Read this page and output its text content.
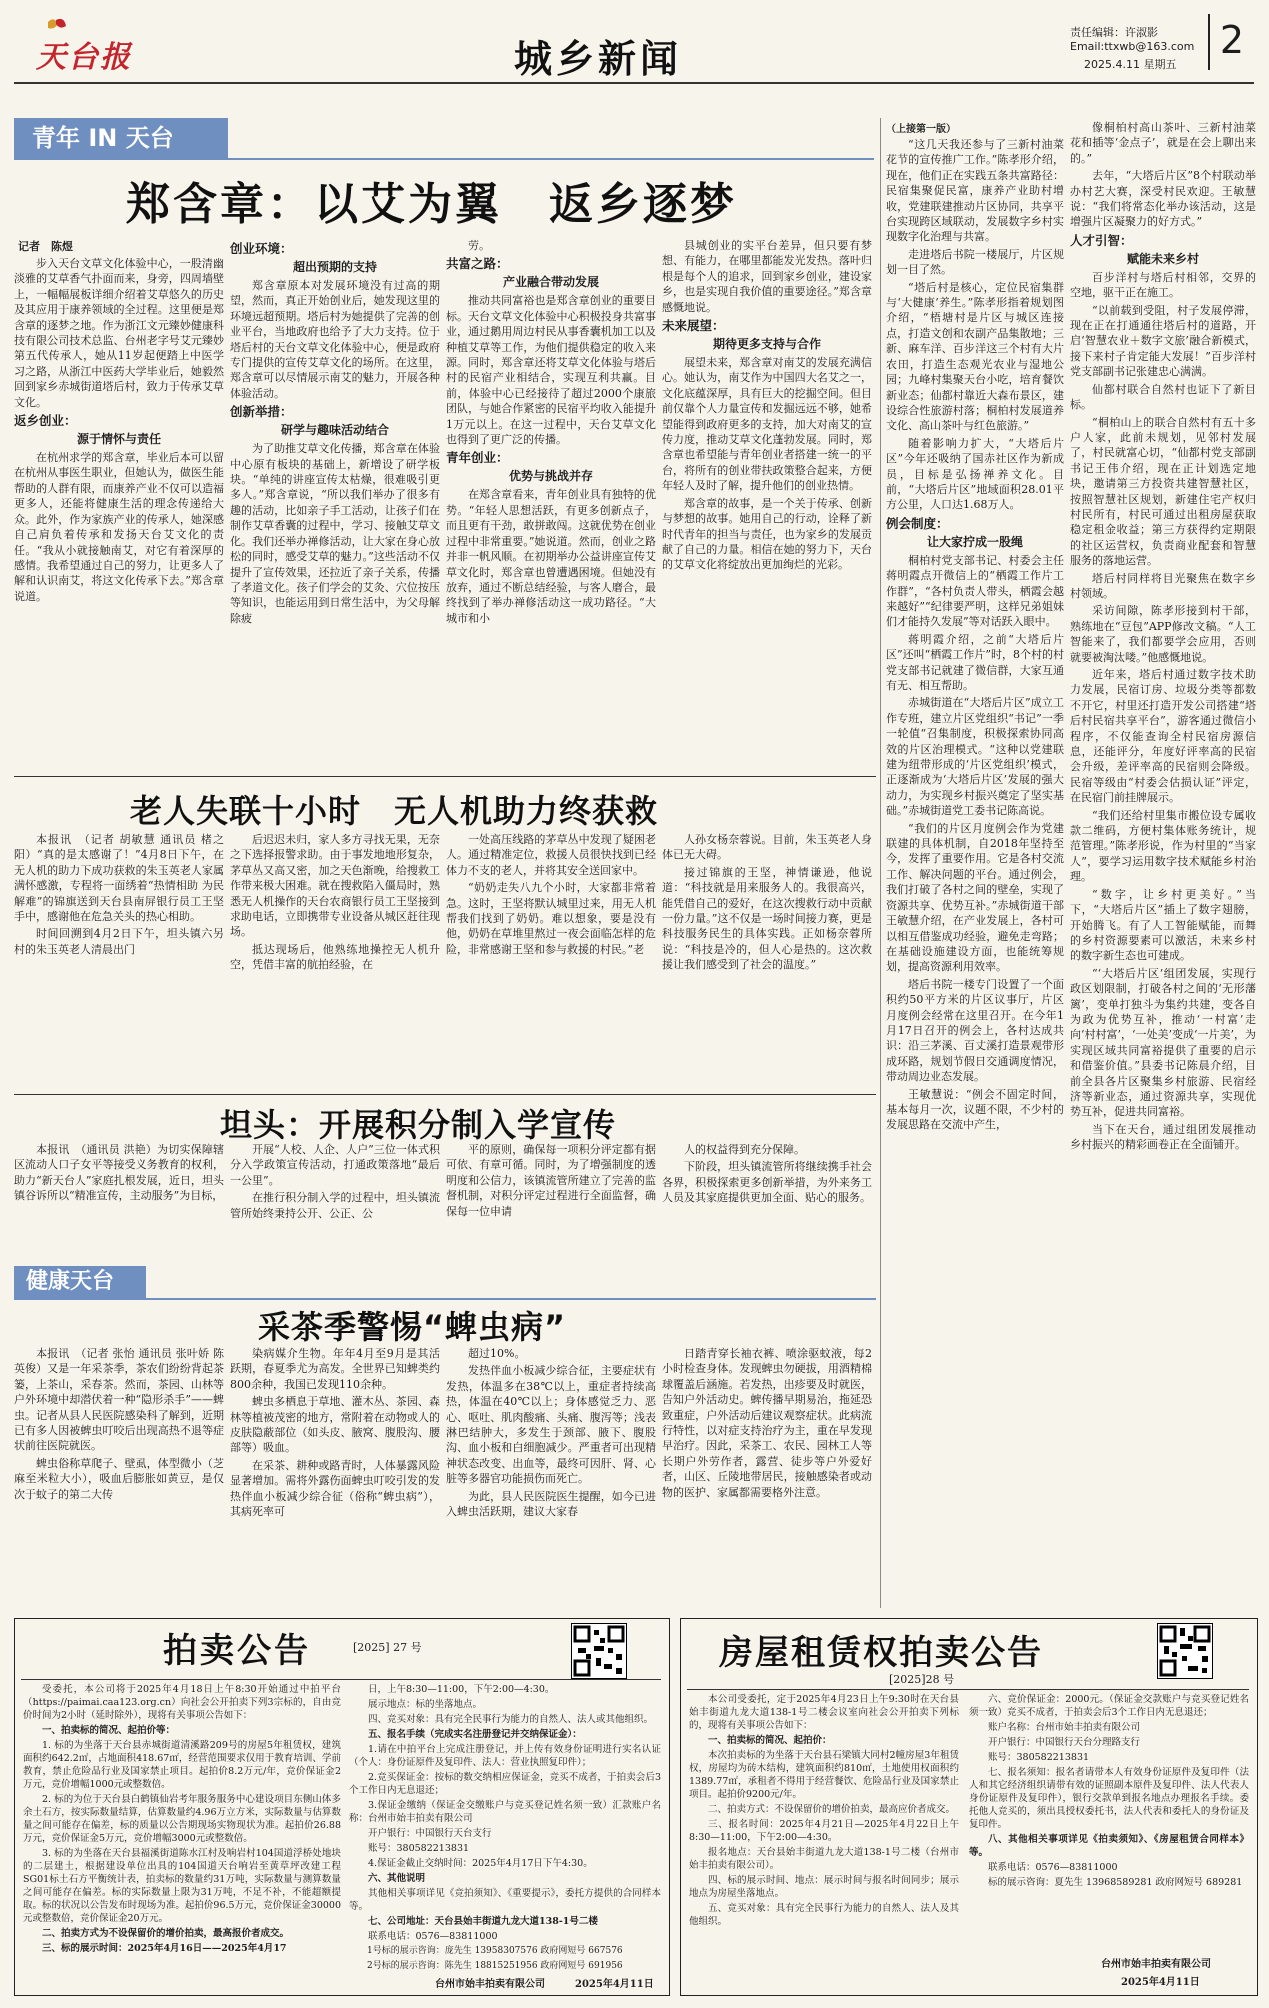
天台报	城乡新闻
责任编辑：许淑影
Email:ttxwb@163.com
2025.4.11 星期五
2
青年 IN 天台
郑含章：以艾为翼　返乡逐梦
记者　陈煜

步入天台文草文化体验中心，一股清幽淡雅的艾草香气扑面而来，身旁，四周墙壁上，一幅幅展板详细介绍着艾草悠久的历史及其应用于康养领域的全过程。这里便是郑含章的逐梦之地。作为浙江文元臻妙健康科技有限公司技术总监、台州老字号艾元臻妙第五代传承人，她从11岁起便踏上中医学习之路，从浙江中医药大学毕业后，她毅然回到家乡赤城街道塔后村，致力于传承艾草文化。

返乡创业：
源于情怀与责任

在杭州求学的郑含章，毕业后本可以留在杭州从事医生职业，但她认为，做医生能帮助的人群有限，而康养产业不仅可以造福更多人，还能将健康生活的理念传递给大众。此外，作为家族产业的传承人，她深感自己肩负着传承和发扬天台艾文化的责任。“我从小就接触南艾，对它有着深厚的感情。我希望通过自己的努力，让更多人了解和认识南艾，将这文化传承下去。”郑含章说道。

创业环境：
超出预期的支持

郑含章原本对发展环境没有过高的期望，然而，真正开始创业后，她发现这里的环境远超预期。塔后村为她提供了完善的创业平台，当地政府也给予了大力支持。位于塔后村的天台文草文化体验中心，便是政府专门提供的宣传艾草文化的场所。在这里，郑含章可以尽情展示南艾的魅力，开展各种体验活动。

创新举措：
研学与趣味活动结合

为了助推艾草文化传播，郑含章在体验中心原有板块的基础上，新增设了研学板块。“单纯的讲座宣传太枯燥，很难吸引更多人。”郑含章说，“所以我们举办了很多有趣的活动，比如亲子手工活动，让孩子们在制作艾草香囊的过程中，学习、接触艾草文化。我们还举办禅修活动，让大家在身心放松的同时，感受艾草的魅力。”这些活动不仅提升了宣传效果，还拉近了亲子关系，传播了孝道文化。孩子们学会的艾灸、穴位按压等知识，也能运用到日常生活中，为父母解除疲

劳。

共富之路：
产业融合带动发展

推动共同富裕也是郑含章创业的重要目标。天台文草文化体验中心积极投身共富事业，通过鹅用周边村民从事香囊机加工以及种植艾草等工作，为他们提供稳定的收入来源。同时，郑含章还将艾草文化体验与塔后村的民宿产业相结合，实现互利共赢。目前，体验中心已经接待了超过2000个康旅团队，与她合作紧密的民宿平均收入能提升1万元以上。在这一过程中，天台艾草文化也得到了更广泛的传播。

青年创业：
优势与挑战并存

在郑含章看来，青年创业具有独特的优势。“年轻人思想活跃，有更多创新点子，而且更有干劲，敢拼敢闯。这就优势在创业过程中非常重要。”她说道。然而，创业之路并非一帆风顺。在初期举办公益讲座宣传艾草文化时，郑含章也曾遭遇困境。但她没有放弃，通过不断总结经验，与客人磨合，最终找到了举办禅修活动这一成功路径。“大城市和小

县城创业的实平台差异，但只要有梦想、有能力，在哪里都能发光发热。落叶归根是每个人的追求，回到家乡创业，建设家乡，也是实现自我价值的重要途径。”郑含章感慨地说。

未来展望：
期待更多支持与合作

展望未来，郑含章对南艾的发展充满信心。她认为，南艾作为中国四大名艾之一，文化底蕴深厚，具有巨大的挖掘空间。但目前仅靠个人力量宣传和发掘远远不够，她希望能得到政府更多的支持，加大对南艾的宣传力度，推动艾草文化蓬勃发展。同时，郑含章也希望能与青年创业者搭建一统一的平台，将所有的创业带扶政策整合起来，方便年轻人及时了解，提升他们的创业热情。

郑含章的故事，是一个关于传承、创新与梦想的故事。她用自己的行动，诠释了新时代青年的担当与责任，也为家乡的发展贡献了自己的力量。相信在她的努力下，天台的艾草文化将绽放出更加绚烂的光彩。

老人失联十小时　无人机助力终获救

本报讯　（记者 胡敏慧 通讯员 楮之阳）“真的是太感谢了！”4月8日下午，在无人机的助力下成功获救的朱玉英老人家属满怀感激，专程将一面绣着“热情相助 为民解难”的锦旗送到天台县南屏银行员工王坚手中，感谢他在危急关头的热心相助。

时间回溯到4月2日下午，坦头镇六另村的朱玉英老人清晨出门

后迟迟未归，家人多方寻找无果，无奈之下选择报警求助。由于事发地地形复杂，茅草丛又高又密，加之天色渐晚，给搜救工作带来极大困难。就在搜救陷入僵局时，熟悉无人机操作的天台农商银行员工王坚接到求助电话，立即携带专业设备从城区赶往现场。

抵达现场后，他熟练地操控无人机升空，凭借丰富的航拍经验，在

一处高压线路的茅草丛中发现了疑困老人。通过精准定位，救援人员很快找到已经体力不支的老人，并将其安全送回家中。

“奶奶走失八九个小时，大家都非常着急。这时，王坚将默认城里过来，用无人机帮我们找到了奶奶。难以想象，要是没有他，奶奶在草堆里熬过一夜会面临怎样的危险，非常感谢王坚和参与救援的村民。”老

人孙女杨奈蓉说。目前，朱玉英老人身体已无大碍。

接过锦旗的王坚，神情谦逊，他说道：“科技就是用来服务人的。我很高兴，能凭借自己的爱好，在这次搜救行动中贡献一份力量。”这不仅是一场时间接力赛，更是科技服务民生的具体实践。正如杨奈蓉所说：“科技是冷的，但人心是热的。这次救援让我们感受到了社会的温度。”

坦头：开展积分制入学宣传

本报讯　（通讯员 洪艳）为切实保障辖区流动人口子女平等接受义务教育的权利，助力“新天台人”家庭扎根发展，近日，坦头镇谷诉所以“精准宣传，主动服务”为目标，

开展“人校、人企、人户”三位一体式积分入学政策宣传活动，打通政策落地“最后一公里”。

在推行积分制入学的过程中，坦头镇流管所始终秉持公开、公正、公

平的原则，确保每一项积分评定都有据可依、有章可循。同时，为了增强制度的透明度和公信力，该镇流管所建立了完善的监督机制，对积分评定过程进行全面监督，确保每一位申请

人的权益得到充分保障。

下阶段，坦头镇流管所将继续携手社会各界，积极探索更多创新举措，为外来务工人员及其家庭提供更加全面、贴心的服务。

健康天台
采茶季警惕“蜱虫病”

本报讯　（记者 张怡 通讯员 张叶娇 陈英俊）又是一年采茶季，茶农们纷纷背起茶篓，上茶山，采春茶。然而，茶园、山林等户外环境中却潜伏着一种“隐形杀手”——蜱虫。记者从县人民医院感染科了解到，近期已有多人因被蜱虫叮咬后出现高热不退等症状前往医院就医。

蜱虫俗称草爬子、壁虱，体型微小（芝麻至米粒大小），吸血后膨胀如黄豆，是仅次于蚊子的第二大传

染病媒介生物。年年4月至9月是其活跃期，春夏季尤为高发。全世界已知蜱类约800余种，我国已发现110余种。

蜱虫多栖息于草地、灌木丛、茶园、森林等植被茂密的地方，常附着在动物或人的皮肤隐蔽部位（如头皮、腋窝、腹股沟、腰部等）吸血。

在采茶、耕种或路青时，人体暴露风险显著增加。需将外露伤面蜱虫叮咬引发的发热伴血小板减少综合征（俗称“蜱虫病”），其病死率可

超过10%。

发热伴血小板减少综合征，主要症状有发热，体温多在38℃以上，重症者持续高热，体温在40℃以上；身体感觉乏力、恶心、呕吐、肌肉酸痛、头痛、腹泻等；浅表淋巴结肿大，多发生于颈部、腋下、腹股沟、血小板和白细胞减少。严重者可出现精神状态改变、出血等，最终可因肝、肾、心脏等多器官功能损伤而死亡。

为此，县人民医院医生提醒，如今已进入蜱虫活跃期，建议大家春

日踏青穿长袖衣裤、喷涂驱蚊液，每2小时检查身体。发现蜱虫勿硬拔，用酒精棉球覆盖后涵施。若发热，出疹要及时就医，告知户外活动史。蜱传播早期易治，拖延恐致重症，户外活动后建议观察症状。此病流行特性，以对症支持治疗为主，重在早发现早治疗。因此，采茶工、农民、园林工人等长期户外劳作者，露营、徒步等户外爱好者，山区、丘陵地带居民，接触感染者或动物的医护、家属都需要格外注意。

（上接第一版）

“这几天我还参与了三新村油菜花节的宣传推广工作。”陈孝形介绍，现在，他们正在实践五条共富路径：民宿集聚促民富，康养产业助村增收，党建联建推动片区协同，共享平台实现跨区域联动，发展数字乡村实现数字化治理与共富。

走进塔后书院一楼展厅，片区规划一目了然。

“塔后村是核心，定位民宿集群与‘大健康’养生。”陈孝形指着规划图介绍，“梧塘村是片区与城区连接点，打造文创和农副产品集散地；三新、麻车洋、百步洋这三个村有大片农田，打造生态观光农业与湿地公园；九峰村集聚天台小吃，培育餐饮新业态；仙都村靠近大森布景区，建设综合性旅游村落；桐柏村发展道养文化、高山茶叶与红色旅游。”

随着影响力扩大，“大塔后片区”今年还吸纳了国赤社区作为新成员，目标是弘扬禅养文化。目前，“大塔后片区”地域面积28.01平方公里，人口达1.68万人。

例会制度：
让大家拧成一股绳

桐柏村党支部书记、村委会主任蒋明霞点开微信上的“栖霞工作片工作群”，“各村负责人带头，栖霞会越来越好”“纪律要严明，这样兄弟姐妹们才能持久发展”等对话跃入眼中。

蒋明霞介绍，之前“大塔后片区”还叫“栖霞工作片”时，8个村的村党支部书记就建了微信群，大家互通有无、相互帮助。

赤城街道在“大塔后片区”成立工作专班，建立片区党组织“书记”一季一轮值“召集制度，积极探索协同高效的片区治理模式。“这种以党建联建为纽带形成的‘片区党组织’模式，正逐渐成为‘大塔后片区’发展的强大动力，为实现乡村振兴奠定了坚实基础。”赤城街道党工委书记陈高说。

“我们的片区月度例会作为党建联建的具体机制，自2018年坚持至今，发挥了重要作用。它是各村交流工作、解决问题的平台。通过例会，我们打破了各村之间的壁垒，实现了资源共享、优势互补。”赤城街道干部王敏慧介绍，在产业发展上，各村可以相互借鉴成功经验，避免走弯路；在基础设施建设方面，也能统筹规划，提高资源利用效率。

塔后书院一楼专门设置了一个面积约50平方米的片区议事厅，片区月度例会经常在这里召开。在今年1月17日召开的例会上，各村达成共识：沿三茅溪、百丈溪打造景观带形成环路，规划节假日交通调度情况，带动周边业态发展。

王敏慧说：“例会不固定时间，基本每月一次，议题不限，不少村的发展思路在交流中产生，

像桐柏村高山茶叶、三新村油菜花和插等‘金点子’，就是在会上聊出来的。”

去年，“大塔后片区”8个村联动举办村艺大赛，深受村民欢迎。王敏慧说：“我们将常态化举办该活动，这是增强片区凝聚力的好方式。”

人才引智：
赋能未来乡村

百步洋村与塔后村相邻，交界的空地，驱干正在施工。

“以前载到受阻，村子发展停滞，现在正在打通通往塔后村的道路，开启‘智慧农业＋数字文旅’融合新模式，接下来村子肯定能大发展！”百步洋村党支部副书记张建忠心满满。

仙都村联合自然村也证下了新目标。

“桐柏山上的联合自然村有五十多户人家，此前未规划，见邻村发展了，村民就富心切，“仙都村党支部副书记王伟介绍，现在正计划选定地块，邀请第三方投资共建智慧社区，按照智慧社区规划，新建住宅产权归村民所有，村民可通过出租房屋获取稳定租金收益；第三方获得约定期限的社区运营权，负责商业配套和智慧服务的落地运营。

塔后村同样将目光聚焦在数字乡村领域。

采访间隙，陈孝形接到村干部，熟练地在“豆包”APP修改文稿。“人工智能来了，我们都要学会应用，否则就要被淘汰喽。”他感慨地说。

近年来，塔后村通过数字技术助力发展，民宿订房、垃圾分类等都数不开它，村里还打造开发公司搭建“塔后村民宿共享平台”，游客通过微信小程序，不仅能查询全村民宿房源信息，还能评分，年度好评率高的民宿会升级，差评率高的民宿则会降级。民宿等级由“村委会估损认证”评定，在民宿门前挂牌展示。

“我们还给村里集市搬位设专属收款二维码，方便村集体账务统计，规范管理。”陈孝形说，作为村里的“当家人”，要学习运用数字技术赋能乡村治理。

“数字，让乡村更美好。”当下，“大塔后片区”插上了数字翅膀，开始腾飞。有了人工智能赋能，而舞的乡村资源要素可以激活，未来乡村的数字新生态也可建成。

“‘大塔后片区’组团发展，实现行政区划限制，打破各村之间的‘无形藩篱’，变单打独斗为集约共建，变各自为政为优势互补，推动‘一村富’走向‘村村富’，‘一处美’变成‘一片美’，为实现区域共同富裕提供了重要的启示和借鉴价值。”县委书记陈晨介绍，目前全县各片区聚集乡村旅游、民宿经济等新业态，通过资源共享，实现优势互补，促进共同富裕。

当下在天台，通过组团发展推动乡村振兴的精彩画卷正在全面铺开。

拍卖公告	[2025] 27 号

受委托，本公司将于2025年4月18日上午8:30开始通过中拍平台（https://paimai.caa123.org.cn）向社会公开拍卖下列3宗标的，自由竞价时间为2小时（延时除外），现将有关事项公告如下：

一、拍卖标的简况、起拍价等：

1. 标的为坐落于天台县赤城街道清溪路209号的房屋5年租赁权，建筑面积约642.2㎡，占地面积418.67㎡，经营范围要求仅用于教育培训、学前教育，禁止危险品行业及国家禁止项目。起拍价8.2万元/年，竞价保证金2万元，竞价增幅1000元或整数倍。

2. 标的为位于天台县白鹤镇仙岩考年服务服务中心建设项目东侧山体多余土石方，按实际数量结算，估算数量约4.96万立方米，实际数量与估算数量之间可能存在偏差，标的质量以公告期现场实物现状为准。起拍价26.88万元，竞价保证金5万元，竞价增幅3000元或整数倍。

3. 标的为坐落在天台县福溪街道陈水江村及响岩村104国道浮桥处地块的二层建土，根据建设单位出具的104国道天台响岩至黄草坪改建工程SG01标土石方平衡统计表，拍卖标的数量约31万吨，实际数量与测算数量之间可能存在偏差。标的实际数量上限为31万吨，不足不补，不能超额提取。标的状况以公告发布时现场为准。起拍价96.5万元，竞价保证金30000元或整数倍，竞价保证金20万元。

二、拍卖方式为不设保留价的增价拍卖，最高报价者成交。

三、标的展示时间：2025年4月16日——2025年4月17

日，上午8:30—11:00，下午2:00—4:30。

展示地点：标的坐落地点。

四、竞买对象：具有完全民事行为能力的自然人、法人或其他组织。

五、报名手续（完成实名注册登记并交纳保证金）：

1.请在中拍平台上完成注册登记，并上传有效身份证明进行实名认证（个人：身份证原件及复印件、法人：营业执照复印件）；

2.竞买保证金：按标的数交纳相应保证金，竞买不成者，于拍卖会后3个工作日内无息退还；

3.保证金缴纳（保证金交缴账户与竞买登记姓名须一致）汇款账户名称：台州市始丰拍卖有限公司

开户银行：中国银行天台支行

账号：380582213831

4.保证金截止交纳时间：2025年4月17日下午4:30。

六、其他说明

其他相关事项详见《竞拍须知》、《重要提示》，委托方提供的合同样本等。

七、公司地址：天台县始丰街道九龙大道138-1号二楼

联系电话：0576—83811000

1号标的展示咨询：庞先生 13958307576 政府网短号 667576

2号标的展示咨询：陈先生 18815251956 政府网短号 691956

台州市始丰拍卖有限公司	2025年4月11日
房屋租赁权拍卖公告
[2025]28 号

本公司受委托，定于2025年4月23日上午9:30时在天台县始丰街道九龙大道138-1号二楼会议室向社会公开拍卖下列标的，现将有关事项公告如下：

一、拍卖标的简况、起拍价：

本次拍卖标的为坐落于天台县石梁镇大同村2幢房屋3年租赁权，房屋均为砖木结构，建筑面积约810㎡，土地使用权面积约1389.77㎡，承租者不得用于经营餐饮、危险品行业及国家禁止项目。起拍价9200元/年。

二、拍卖方式：不设保留价的增价拍卖，最高应价者成交。

三、报名时间：2025年4月21日—2025年4月22日上午8:30—11:00，下午2:00—4:30。

报名地点：天台县始丰街道九龙大道138-1号二楼（台州市始丰拍卖有限公司）。

四、标的展示时间、地点：展示时间与报名时间同步；展示地点为房屋坐落地点。

五、竞买对象：具有完全民事行为能力的自然人、法人及其他组织。

六、竞价保证金：2000元。（保证金交款账户与竞买登记姓名须一致）竞买不成者，于拍卖会后3个工作日内无息退还；

账户名称：台州市始丰拍卖有限公司

开户银行：中国银行天台分理路支行

账号：380582213831

七、报名须知：报名者请带本人有效身份证原件及复印件（法人和其它经济组织请带有效的证照副本原件及复印件、法人代表人身份证原件及复印件），银行交款单到报名地点办理报名手续。委托他人竞买的，须出具授权委托书，法人代表和委托人的身份证及复印件。

八、其他相关事项详见《拍卖须知》、《房屋租赁合同样本》等。

联系电话：0576—83811000

标的展示咨询：夏先生 13968589281 政府网短号 689281

台州市始丰拍卖有限公司
2025年4月11日
